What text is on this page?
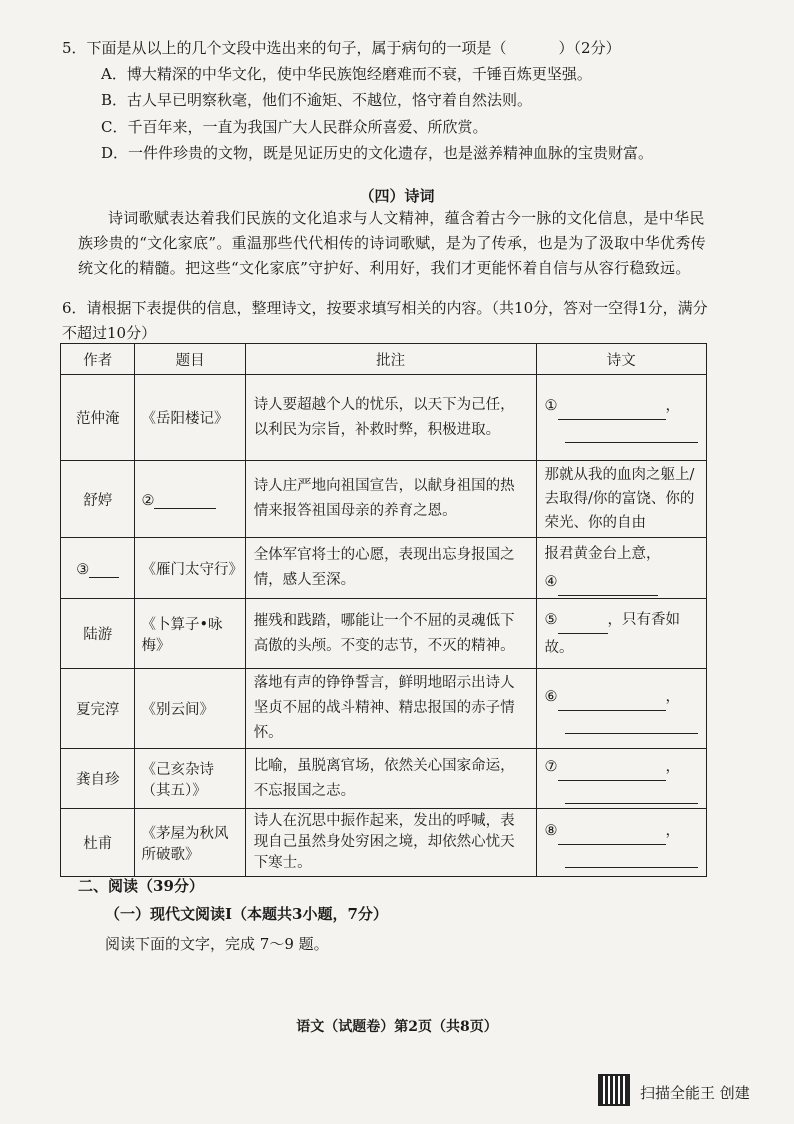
5．下面是从以上的几个文段中选出来的句子，属于病句的一项是（	）（2分）
A．博大精深的中华文化，使中华民族饱经磨难而不衰，千锤百炼更坚强。
B．古人早已明察秋毫，他们不逾矩、不越位，恪守着自然法则。
C．千百年来，一直为我国广大人民群众所喜爱、所欣赏。
D．一件件珍贵的文物，既是见证历史的文化遗存，也是滋养精神血脉的宝贵财富。
（四）诗词
诗词歌赋表达着我们民族的文化追求与人文精神，蕴含着古今一脉的文化信息，是中华民族珍贵的“文化家底”。重温那些代代相传的诗词歌赋，是为了传承，也是为了汲取中华优秀传统文化的精髓。把这些“文化家底”守护好、利用好，我们才更能怀着自信与从容行稳致远。
6．请根据下表提供的信息，整理诗文，按要求填写相关的内容。（共10分，答对一空得1分，满分不超过10分）
作者	题目	批注	诗文
范仲淹	《岳阳楼记》	诗人要超越个人的忧乐，以天下为己任，以利民为宗旨，补救时弊，积极进取。	① ，

舒婷	②	诗人庄严地向祖国宣告，以献身祖国的热情来报答祖国母亲的养育之恩。	那就从我的血肉之躯上/去取得/你的富饶、你的荣光、你的自由
③	《雁门太守行》	全体军官将士的心愿，表现出忘身报国之情，感人至深。	报君黄金台上意，
④
陆游	《卜算子•咏梅》	摧残和践踏，哪能让一个不屈的灵魂低下高傲的头颅。不变的志节，不灭的精神。	⑤ ，只有香如故。
夏完淳	《别云间》	落地有声的铮铮誓言，鲜明地昭示出诗人坚贞不屈的战斗精神、精忠报国的赤子情怀。	⑥ ，

龚自珍	《己亥杂诗（其五）》	比喻，虽脱离官场，依然关心国家命运，不忘报国之志。	⑦ ，

杜甫	《茅屋为秋风所破歌》	诗人在沉思中振作起来，发出的呼喊，表现自己虽然身处穷困之境，却依然心忧天下寒士。	⑧ ，
二、阅读（39分）
（一）现代文阅读Ⅰ（本题共3小题，7分）
阅读下面的文字，完成 7～9 题。
语文（试题卷）第2页（共8页）
扫描全能王 创建
